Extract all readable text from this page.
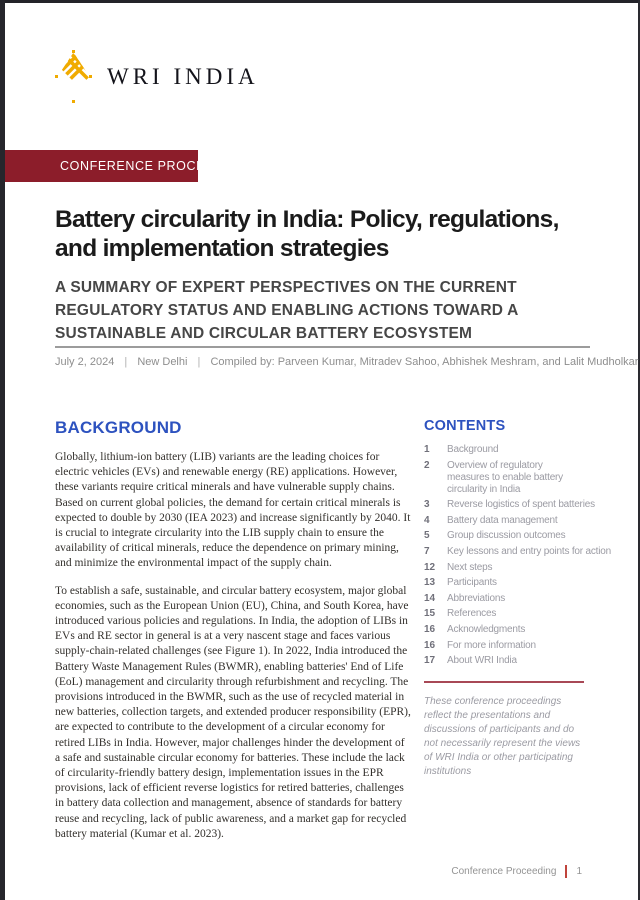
WRI INDIA
CONFERENCE PROCEEDING
Battery circularity in India: Policy, regulations, and implementation strategies
A SUMMARY OF EXPERT PERSPECTIVES ON THE CURRENT REGULATORY STATUS AND ENABLING ACTIONS TOWARD A SUSTAINABLE AND CIRCULAR BATTERY ECOSYSTEM
July 2, 2024 | New Delhi | Compiled by: Parveen Kumar, Mitradev Sahoo, Abhishek Meshram, and Lalit Mudholkar
BACKGROUND

Globally, lithium-ion battery (LIB) variants are the leading choices for electric vehicles (EVs) and renewable energy (RE) applications. However, these variants require critical minerals and have vulnerable supply chains. Based on current global policies, the demand for certain critical minerals is expected to double by 2030 (IEA 2023) and increase significantly by 2040. It is crucial to integrate circularity into the LIB supply chain to ensure the availability of critical minerals, reduce the dependence on primary mining, and minimize the environmental impact of the supply chain.

To establish a safe, sustainable, and circular battery ecosystem, major global economies, such as the European Union (EU), China, and South Korea, have introduced various policies and regulations. In India, the adoption of LIBs in EVs and RE sector in general is at a very nascent stage and faces various supply-chain-related challenges (see Figure 1). In 2022, India introduced the Battery Waste Management Rules (BWMR), enabling batteries' End of Life (EoL) management and circularity through refurbishment and recycling. The provisions introduced in the BWMR, such as the use of recycled material in new batteries, collection targets, and extended producer responsibility (EPR), are expected to contribute to the development of a circular economy for retired LIBs in India. However, major challenges hinder the development of a safe and sustainable circular economy for batteries. These include the lack of circularity-friendly battery design, implementation issues in the EPR provisions, lack of efficient reverse logistics for retired batteries, challenges in battery data collection and management, absence of standards for battery reuse and recycling, lack of public awareness, and a market gap for recycled battery material (Kumar et al. 2023).

CONTENTS
1	Background
2	Overview of regulatory measures to enable battery circularity in India
3	Reverse logistics of spent batteries
4	Battery data management
5	Group discussion outcomes
7	Key lessons and entry points for action
12	Next steps
13	Participants
14	Abbreviations
15	References
16	Acknowledgments
16	For more information
17	About WRI India
These conference proceedings reflect the presentations and discussions of participants and do not necessarily represent the views of WRI India or other participating institutions
Conference Proceeding 1
